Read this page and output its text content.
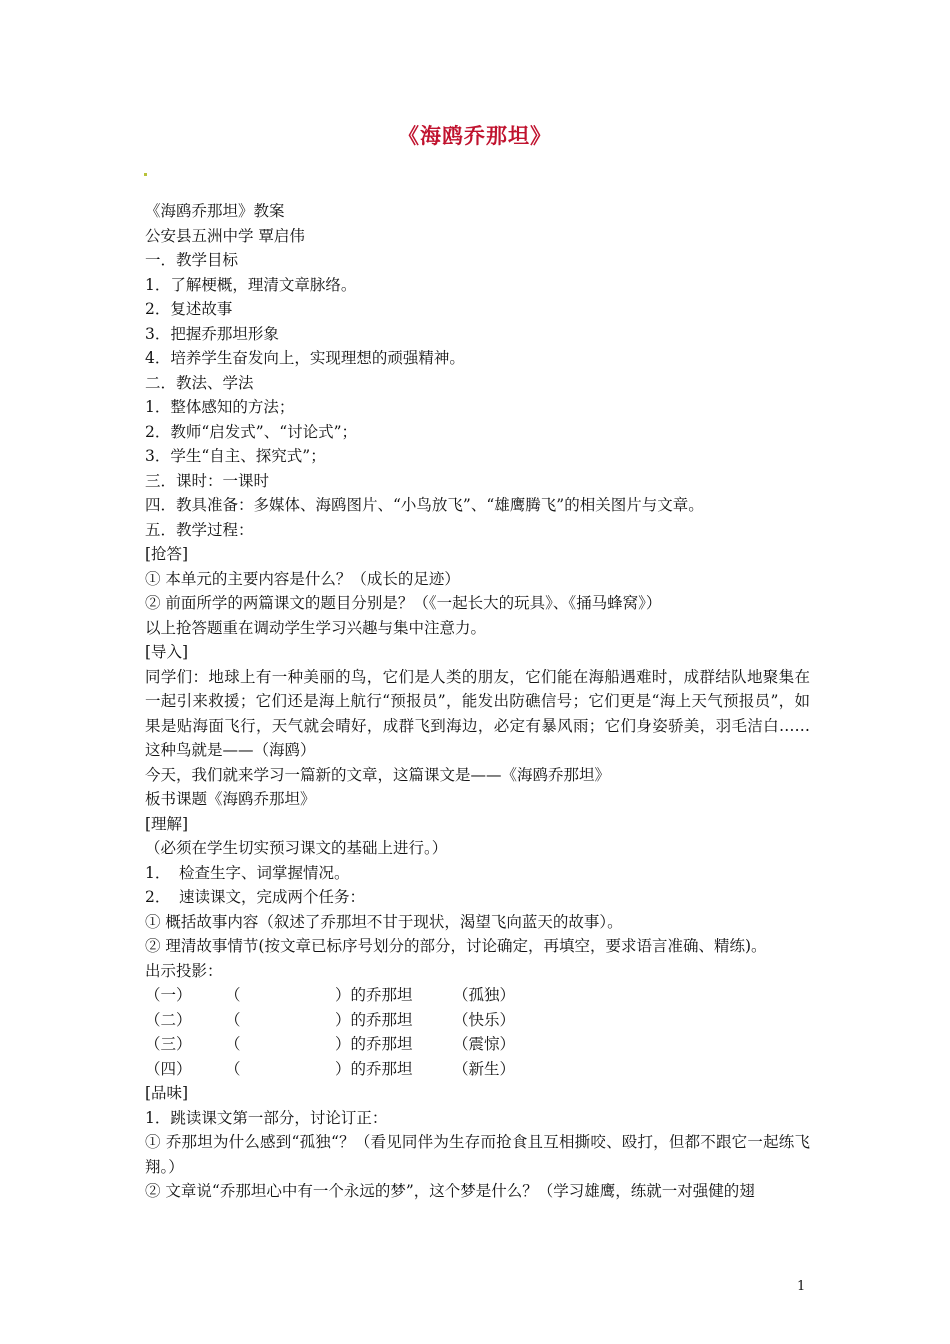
《海鸥乔那坦》
《海鸥乔那坦》教案
公安县五洲中学 覃启伟
一．教学目标
1．了解梗概，理清文章脉络。
2．复述故事
3．把握乔那坦形象
4．培养学生奋发向上，实现理想的顽强精神。
二．教法、学法
1．整体感知的方法；
2．教师“启发式”、“讨论式”；
3．学生“自主、探究式”；
三．课时：一课时
四．教具准备：多媒体、海鸥图片、“小鸟放飞”、“雄鹰腾飞”的相关图片与文章。
五．教学过程：
[抢答]
① 本单元的主要内容是什么？（成长的足迹）
② 前面所学的两篇课文的题目分别是？（《一起长大的玩具》、《捅马蜂窝》）
以上抢答题重在调动学生学习兴趣与集中注意力。
[导入]
同学们：地球上有一种美丽的鸟，它们是人类的朋友，它们能在海船遇难时，成群结队地聚集在一起引来救援；它们还是海上航行“预报员”，能发出防礁信号；它们更是“海上天气预报员”，如果是贴海面飞行，天气就会晴好，成群飞到海边，必定有暴风雨；它们身姿骄美，羽毛洁白……这种鸟就是——（海鸥）
今天，我们就来学习一篇新的文章，这篇课文是——《海鸥乔那坦》
板书课题《海鸥乔那坦》
[理解]
（必须在学生切实预习课文的基础上进行。）
1． 检查生字、词掌握情况。
2． 速读课文，完成两个任务：
① 概括故事内容（叙述了乔那坦不甘于现状，渴望飞向蓝天的故事）。
② 理清故事情节(按文章已标序号划分的部分，讨论确定，再填空，要求语言准确、精练)。
出示投影：
（一）	（	）的乔那坦	（孤独）
（二）	（	）的乔那坦	（快乐）
（三）	（	）的乔那坦	（震惊）
（四）	（	）的乔那坦	（新生）
[品味]
1．跳读课文第一部分，讨论订正：
① 乔那坦为什么感到“孤独“？（看见同伴为生存而抢食且互相撕咬、殴打，但都不跟它一起练飞翔。）
② 文章说“乔那坦心中有一个永远的梦”，这个梦是什么？（学习雄鹰，练就一对强健的翅
1
